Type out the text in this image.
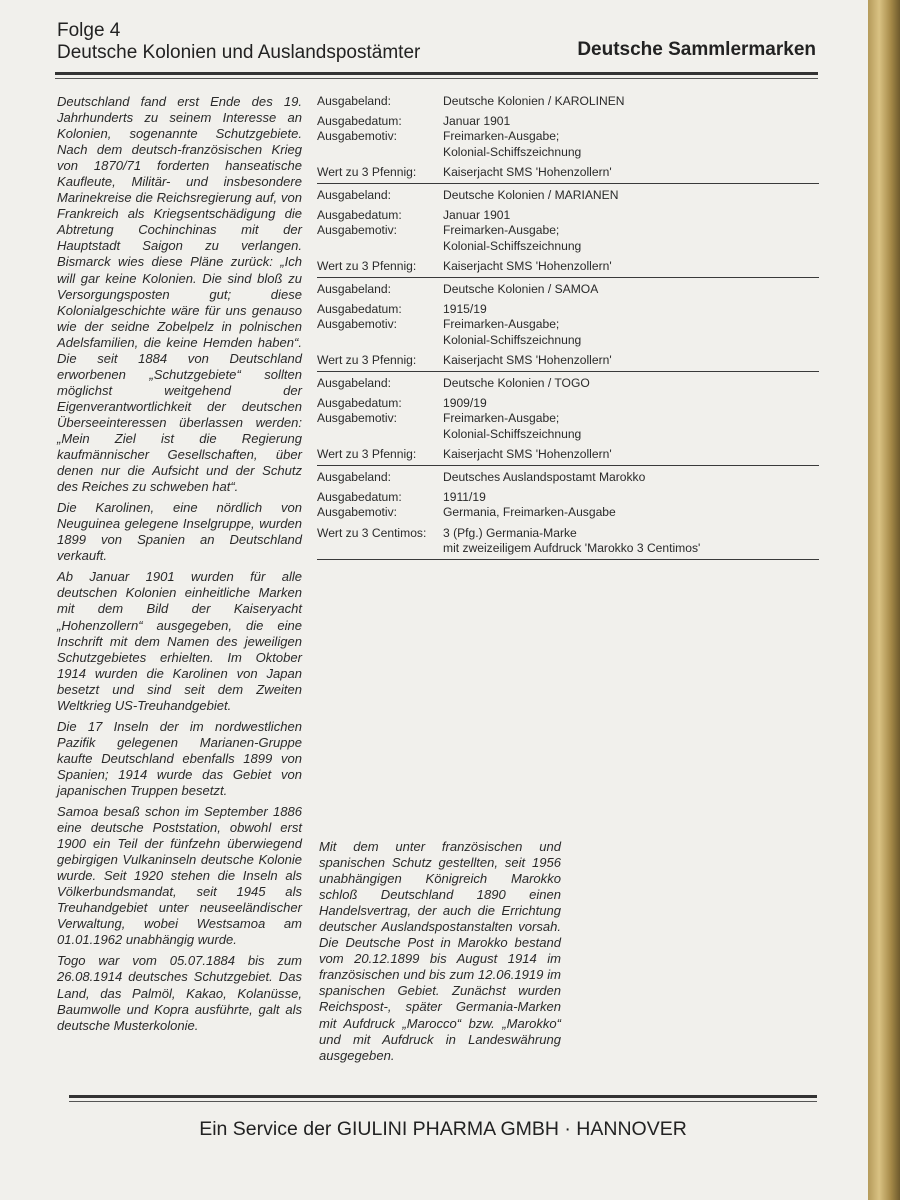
Folge 4
Deutsche Kolonien und Auslandspostämter	Deutsche Sammlermarken

Deutschland fand erst Ende des 19. Jahrhunderts zu seinem Interesse an Kolonien, sogenannte Schutzgebiete. Nach dem deutsch-französischen Krieg von 1870/71 forderten hanseatische Kaufleute, Militär- und insbesondere Marinekreise die Reichsregierung auf, von Frankreich als Kriegsentschädigung die Abtretung Cochinchinas mit der Hauptstadt Saigon zu verlangen. Bismarck wies diese Pläne zurück: „Ich will gar keine Kolonien. Die sind bloß zu Versorgungsposten gut; diese Kolonialgeschichte wäre für uns genauso wie der seidne Zobelpelz in polnischen Adelsfamilien, die keine Hemden haben“. Die seit 1884 von Deutschland erworbenen „Schutzgebiete“ sollten möglichst weitgehend der Eigenverantwortlichkeit der deutschen Überseeinteressen überlassen werden: „Mein Ziel ist die Regierung kaufmännischer Gesellschaften, über denen nur die Aufsicht und der Schutz des Reiches zu schweben hat“.

Die Karolinen, eine nördlich von Neuguinea gelegene Inselgruppe, wurden 1899 von Spanien an Deutschland verkauft.

Ab Januar 1901 wurden für alle deutschen Kolonien einheitliche Marken mit dem Bild der Kaiseryacht „Hohenzollern“ ausgegeben, die eine Inschrift mit dem Namen des jeweiligen Schutzgebietes erhielten. Im Oktober 1914 wurden die Karolinen von Japan besetzt und sind seit dem Zweiten Weltkrieg US-Treuhandgebiet.

Die 17 Inseln der im nordwestlichen Pazifik gelegenen Marianen-Gruppe kaufte Deutschland ebenfalls 1899 von Spanien; 1914 wurde das Gebiet von japanischen Truppen besetzt.

Samoa besaß schon im September 1886 eine deutsche Poststation, obwohl erst 1900 ein Teil der fünfzehn überwiegend gebirgigen Vulkaninseln deutsche Kolonie wurde. Seit 1920 stehen die Inseln als Völkerbundsmandat, seit 1945 als Treuhandgebiet unter neuseeländischer Verwaltung, wobei Westsamoa am 01.01.1962 unabhängig wurde.

Togo war vom 05.07.1884 bis zum 26.08.1914 deutsches Schutzgebiet. Das Land, das Palmöl, Kakao, Kolanüsse, Baumwolle und Kopra ausführte, galt als deutsche Musterkolonie.

Ausgabeland:	Deutsche Kolonien / KAROLINEN
Ausgabedatum:	Januar 1901
Ausgabemotiv:	Freimarken-Ausgabe;
Kolonial-Schiffszeichnung
Wert zu 3 Pfennig:	Kaiserjacht SMS 'Hohenzollern'
Ausgabeland:	Deutsche Kolonien / MARIANEN
Ausgabedatum:	Januar 1901
Ausgabemotiv:	Freimarken-Ausgabe;
Kolonial-Schiffszeichnung
Wert zu 3 Pfennig:	Kaiserjacht SMS 'Hohenzollern'
Ausgabeland:	Deutsche Kolonien / SAMOA
Ausgabedatum:	1915/19
Ausgabemotiv:	Freimarken-Ausgabe;
Kolonial-Schiffszeichnung
Wert zu 3 Pfennig:	Kaiserjacht SMS 'Hohenzollern'
Ausgabeland:	Deutsche Kolonien / TOGO
Ausgabedatum:	1909/19
Ausgabemotiv:	Freimarken-Ausgabe;
Kolonial-Schiffszeichnung
Wert zu 3 Pfennig:	Kaiserjacht SMS 'Hohenzollern'
Ausgabeland:	Deutsches Auslandspostamt Marokko
Ausgabedatum:	1911/19
Ausgabemotiv:	Germania, Freimarken-Ausgabe
Wert zu 3 Centimos:	3 (Pfg.) Germania-Marke
mit zweizeiligem Aufdruck 'Marokko 3 Centimos'

Mit dem unter französischen und spanischen Schutz gestellten, seit 1956 unabhängigen Königreich Marokko schloß Deutschland 1890 einen Handelsvertrag, der auch die Errichtung deutscher Auslandspostanstalten vorsah. Die Deutsche Post in Marokko bestand vom 20.12.1899 bis August 1914 im französischen und bis zum 12.06.1919 im spanischen Gebiet. Zunächst wurden Reichspost-, später Germania-Marken mit Aufdruck „Marocco“ bzw. „Marokko“ und mit Aufdruck in Landeswährung ausgegeben.

Ein Service der GIULINI PHARMA GMBH · HANNOVER
